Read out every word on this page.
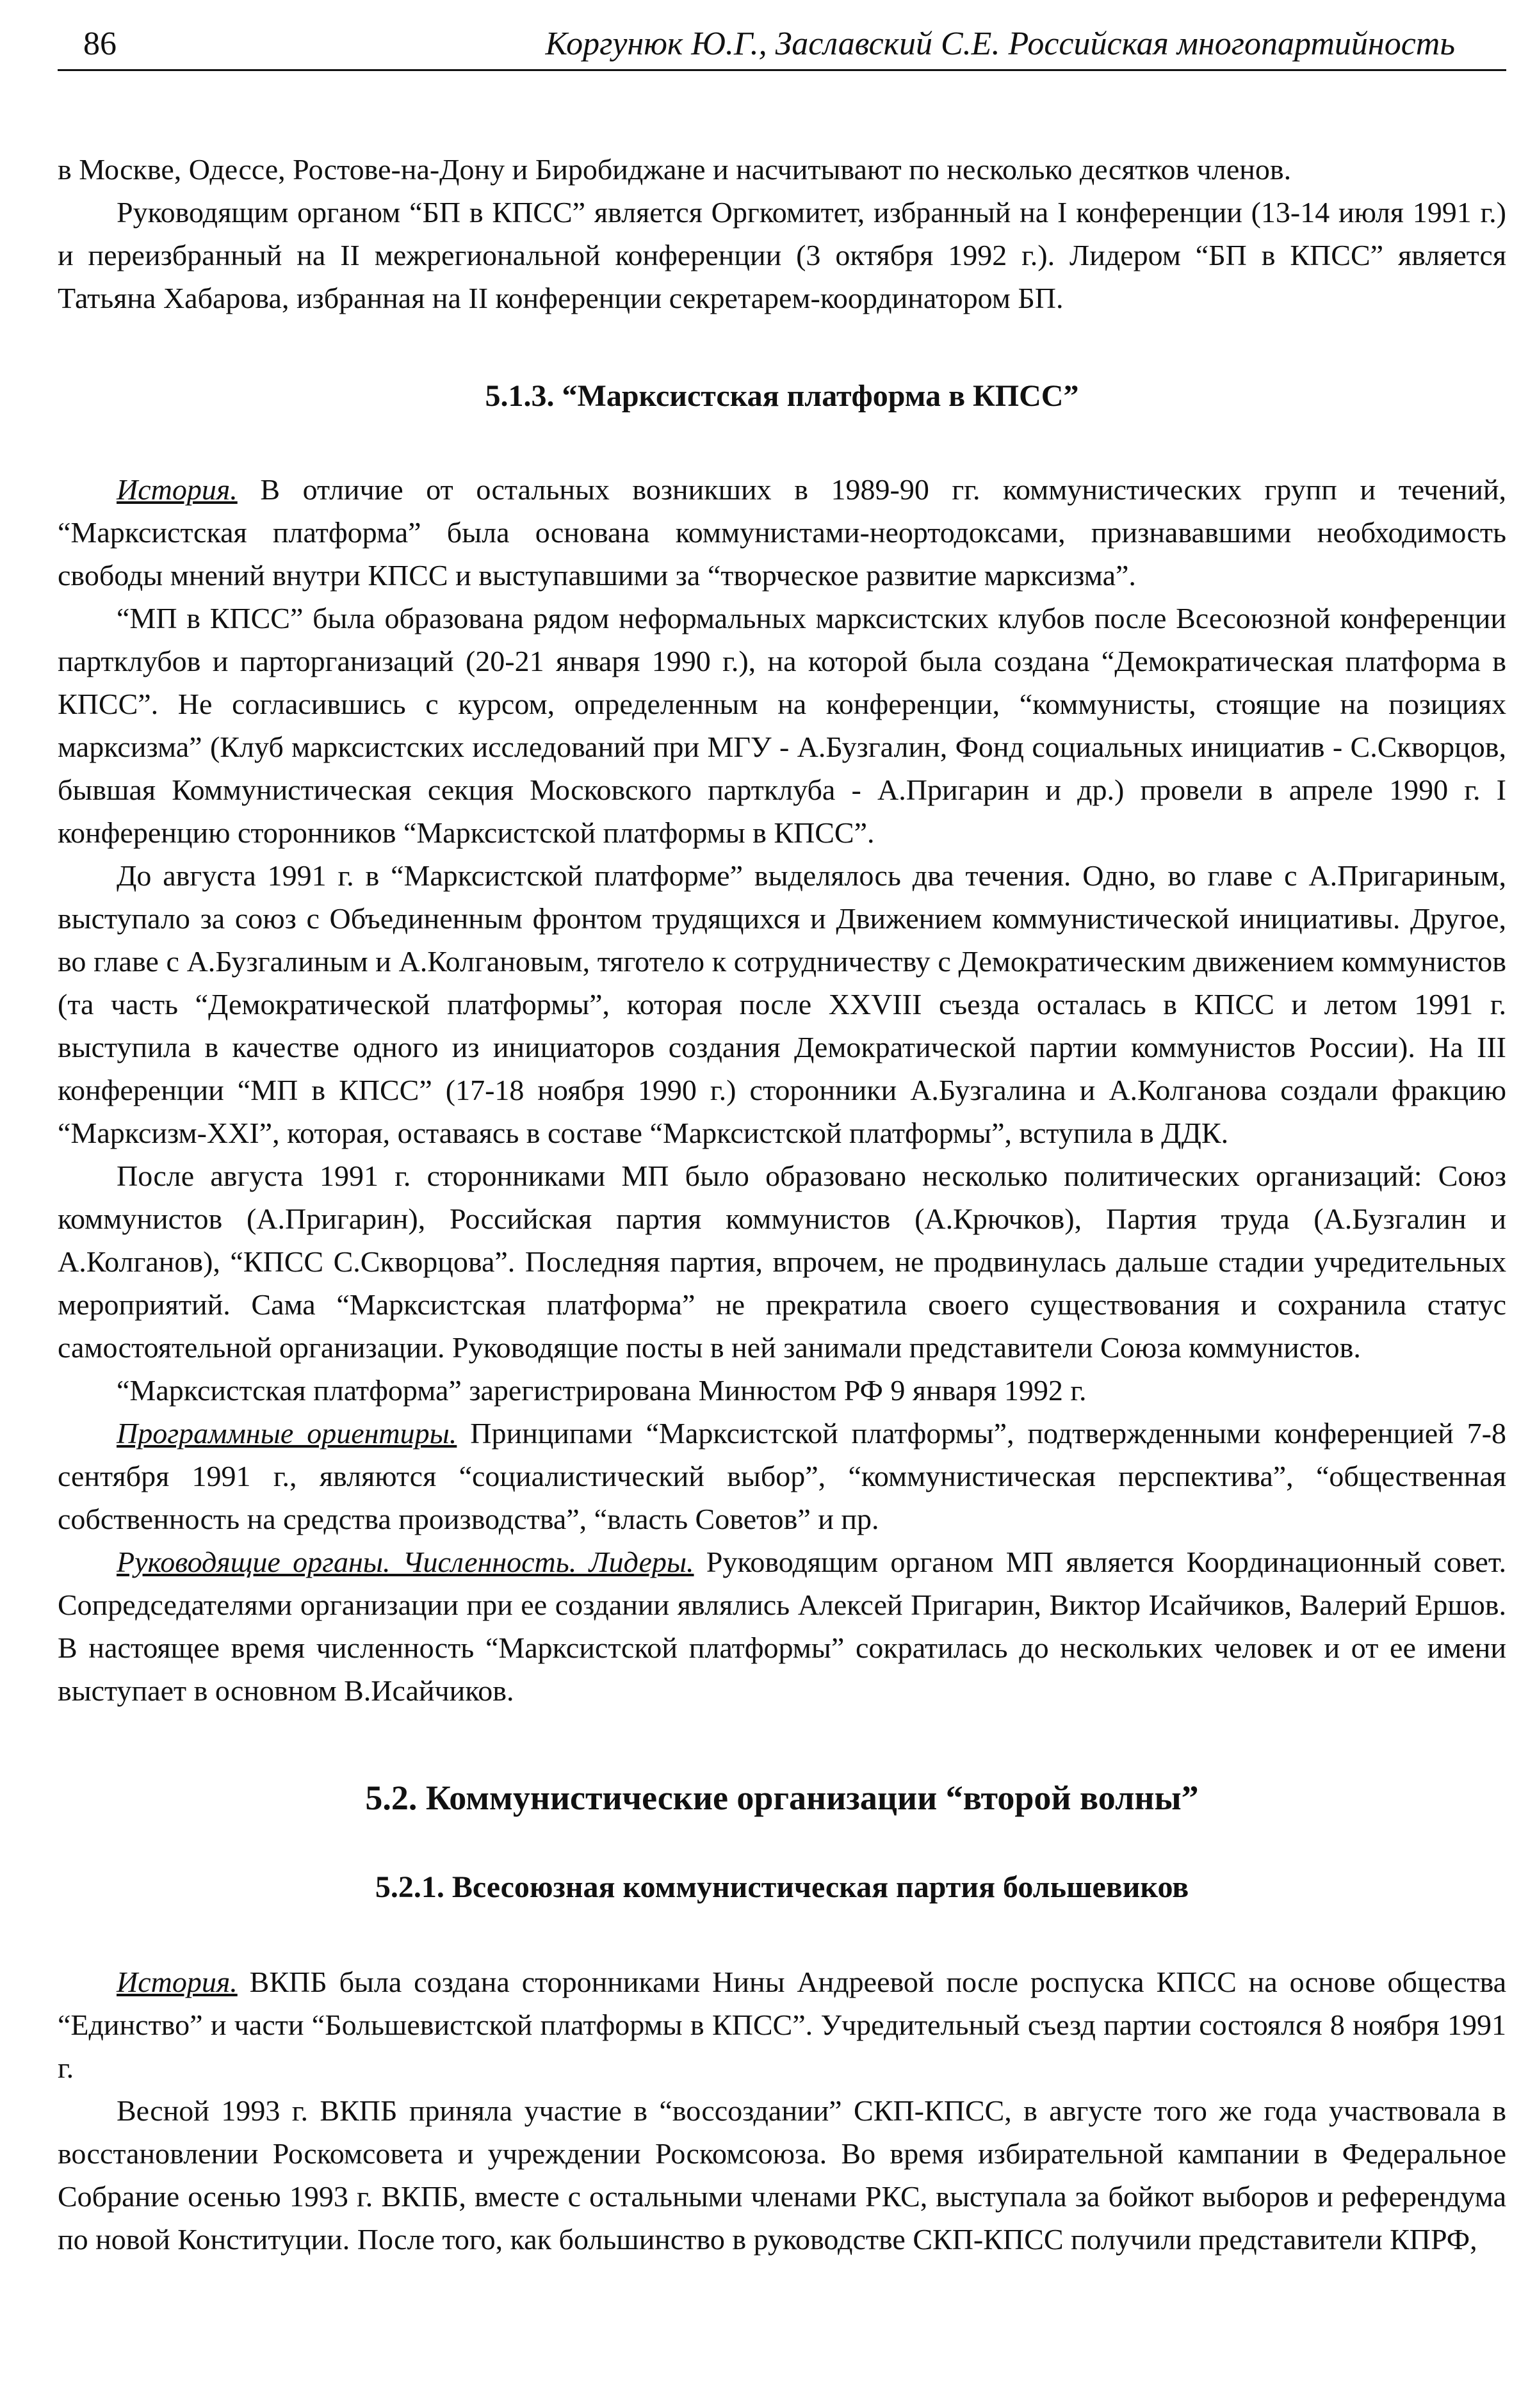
86	Коргунюк Ю.Г., Заславский С.Е. Российская многопартийность

в Москве, Одессе, Ростове-на-Дону и Биробиджане и насчитывают по несколько десятков членов.

Руководящим органом “БП в КПСС” является Оргкомитет, избранный на I конференции (13-14 июля 1991 г.) и переизбранный на II межрегиональной конференции (3 октября 1992 г.). Лидером “БП в КПСС” является Татьяна Хабарова, избранная на II конференции секретарем-координатором БП.

5.1.3. “Марксистская платформа в КПСС”

История. В отличие от остальных возникших в 1989-90 гг. коммунистических групп и течений, “Марксистская платформа” была основана коммунистами-неортодоксами, признававшими необходимость свободы мнений внутри КПСС и выступавшими за “творческое развитие марксизма”.

“МП в КПСС” была образована рядом неформальных марксистских клубов после Всесоюзной конференции партклубов и парторганизаций (20-21 января 1990 г.), на которой была создана “Демократическая платформа в КПСС”. Не согласившись с курсом, определенным на конференции, “коммунисты, стоящие на позициях марксизма” (Клуб марксистских исследований при МГУ - А.Бузгалин, Фонд социальных инициатив - С.Скворцов, бывшая Коммунистическая секция Московского партклуба - А.Пригарин и др.) провели в апреле 1990 г. I конференцию сторонников “Марксистской платформы в КПСС”.

До августа 1991 г. в “Марксистской платформе” выделялось два течения. Одно, во главе с А.Пригариным, выступало за союз с Объединенным фронтом трудящихся и Движением коммунистической инициативы. Другое, во главе с А.Бузгалиным и А.Колгановым, тяготело к сотрудничеству с Демократическим движением коммунистов (та часть “Демократической платформы”, которая после XXVIII съезда осталась в КПСС и летом 1991 г. выступила в качестве одного из инициаторов создания Демократической партии коммунистов России). На III конференции “МП в КПСС” (17-18 ноября 1990 г.) сторонники А.Бузгалина и А.Колганова создали фракцию “Марксизм-XXI”, которая, оставаясь в составе “Марксистской платформы”, вступила в ДДК.

После августа 1991 г. сторонниками МП было образовано несколько политических организаций: Союз коммунистов (А.Пригарин), Российская партия коммунистов (А.Крючков), Партия труда (А.Бузгалин и А.Колганов), “КПСС С.Скворцова”. Последняя партия, впрочем, не продвинулась дальше стадии учредительных мероприятий. Сама “Марксистская платформа” не прекратила своего существования и сохранила статус самостоятельной организации. Руководящие посты в ней занимали представители Союза коммунистов.

“Марксистская платформа” зарегистрирована Минюстом РФ 9 января 1992 г.

Программные ориентиры. Принципами “Марксистской платформы”, подтвержденными конференцией 7-8 сентября 1991 г., являются “социалистический выбор”, “коммунистическая перспектива”, “общественная собственность на средства производства”, “власть Советов” и пр.

Руководящие органы. Численность. Лидеры. Руководящим органом МП является Координационный совет. Сопредседателями организации при ее создании являлись Алексей Пригарин, Виктор Исайчиков, Валерий Ершов. В настоящее время численность “Марксистской платформы” сократилась до нескольких человек и от ее имени выступает в основном В.Исайчиков.

5.2. Коммунистические организации “второй волны”
5.2.1. Всесоюзная коммунистическая партия большевиков

История. ВКПБ была создана сторонниками Нины Андреевой после роспуска КПСС на основе общества “Единство” и части “Большевистской платформы в КПСС”. Учредительный съезд партии состоялся 8 ноября 1991 г.

Весной 1993 г. ВКПБ приняла участие в “воссоздании” СКП-КПСС, в августе того же года участвовала в восстановлении Роскомсовета и учреждении Роскомсоюза. Во время избирательной кампании в Федеральное Собрание осенью 1993 г. ВКПБ, вместе с остальными членами РКС, выступала за бойкот выборов и референдума по новой Конституции. После того, как большинство в руководстве СКП-КПСС получили представители КПРФ,
